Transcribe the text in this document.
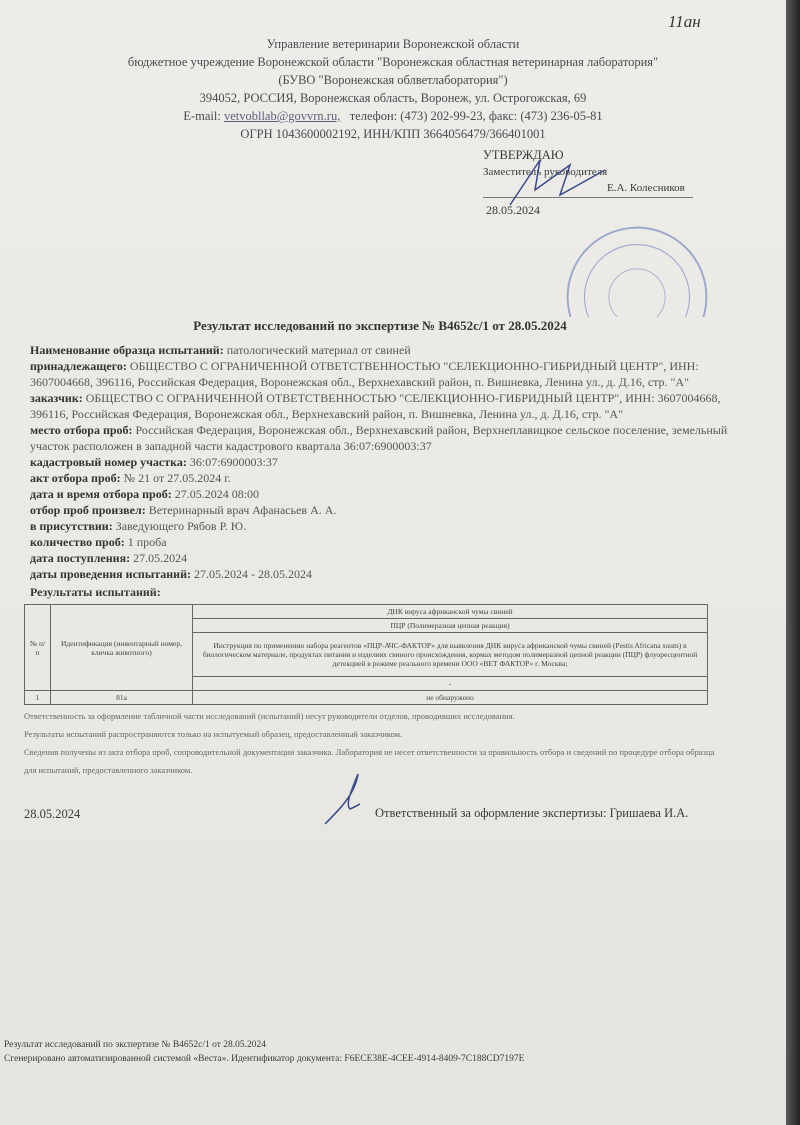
11ан
Управление ветеринарии Воронежской области
бюджетное учреждение Воронежской области "Воронежская областная ветеринарная лаборатория"
(БУВО "Воронежская облветлаборатория")
394052, РОССИЯ, Воронежская область, Воронеж, ул. Острогожская, 69
E-mail: vetvobllab@govvrn.ru, телефон: (473) 202-99-23, факс: (473) 236-05-81
ОГРН 1043600002192, ИНН/КПП 3664056479/366401001
УТВЕРЖДАЮ
Заместитель руководителя
Е.А. Колесников
28.05.2024
Результат исследований по экспертизе № В4652с/1 от 28.05.2024
Наименование образца испытаний: патологический материал от свиней
принадлежащего: ОБЩЕСТВО С ОГРАНИЧЕННОЙ ОТВЕТСТВЕННОСТЬЮ "СЕЛЕКЦИОННО-ГИБРИДНЫЙ ЦЕНТР", ИНН: 3607004668, 396116, Российская Федерация, Воронежская обл., Верхнехавский район, п. Вишневка, Ленина ул., д. Д.16, стр. "А"
заказчик: ОБЩЕСТВО С ОГРАНИЧЕННОЙ ОТВЕТСТВЕННОСТЬЮ "СЕЛЕКЦИОННО-ГИБРИДНЫЙ ЦЕНТР", ИНН: 3607004668, 396116, Российская Федерация, Воронежская обл., Верхнехавский район, п. Вишневка, Ленина ул., д. Д.16, стр. "А"
место отбора проб: Российская Федерация, Воронежская обл., Верхнехавский район, Верхнеплавицкое сельское поселение, земельный участок расположен в западной части кадастрового квартала 36:07:6900003:37
кадастровый номер участка: 36:07:6900003:37
акт отбора проб: № 21 от 27.05.2024 г.
дата и время отбора проб: 27.05.2024 08:00
отбор проб произвел: Ветеринарный врач Афанасьев А. А.
в присутствии: Заведующего Рябов Р. Ю.
количество проб: 1 проба
дата поступления: 27.05.2024
даты проведения испытаний: 27.05.2024 - 28.05.2024
Результаты испытаний:
№ п/п	Идентификация (инвентарный номер, кличка животного)	ДНК вируса африканской чумы свиней
		ПЦР (Полимеразная цепная реакция)
		Инструкция по применению набора реагентов «ПЦР-АЧС-ФАКТОР» для выявления ДНК вируса африканской чумы свиней (Pestis Africana suum) в биологическом материале, продуктах питания и изделиях свиного происхождения, кормах методом полимеразной цепной реакции (ПЦР) флуоресцентной детекцией в режиме реального времени ООО «ВЕТ ФАКТОР» г. Москва;
		-
1	81а	не обнаружено
Ответственность за оформление табличной части исследований (испытаний) несут руководители отделов, проводивших исследования.
Результаты испытаний распространяются только на испытуемый образец, предоставленный заказчиком.
Сведения получены из акта отбора проб, сопроводительной документации заказчика. Лаборатория не несет ответственности за правильность отбора и сведений по процедуре отбора образца для испытаний, предоставленного заказчиком.
28.05.2024	Ответственный за оформление экспертизы: Гришаева И.А.
Результат исследований по экспертизе № В4652с/1 от 28.05.2024
Сгенерировано автоматизированной системой «Веста». Идентификатор документа: F6ECE38E-4CEE-4914-8409-7C188CD7197E
